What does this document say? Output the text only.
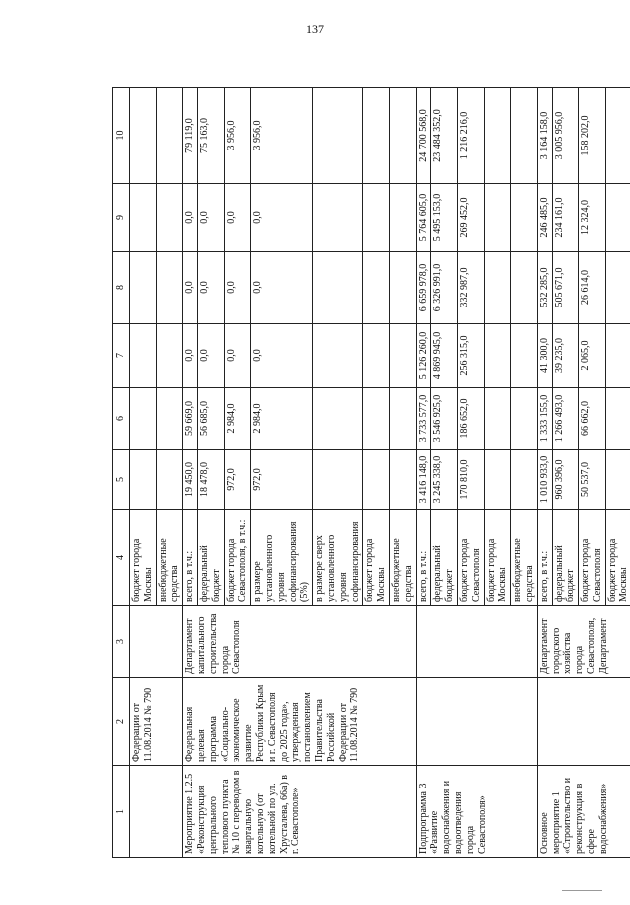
137
1	2	3	4	5	6	7	8	9	10
	Федерации от 11.08.2014 № 790		бюджет города Москвы						
			внебюджетные средства						
Мероприятие 1.2.5 «Реконструкция центрального теплового пункта № 10 с переводом в квартальную котельную (от котельной по ул. Хрусталева, 66а) в г. Севастополе»	Федеральная целевая программа «Социально-экономическое развитие Республики Крым и г. Севастополя до 2025 года», утвержденная постановлением Правительства Российской Федерации от 11.08.2014 № 790	Департамент капитального строительства города Севастополя	всего, в т.ч.:	19 450,0	59 669,0	0,0	0,0	0,0	79 119,0
			федеральный бюджет	18 478,0	56 685,0	0,0	0,0	0,0	75 163,0
			бюджет города Севастополя, в т.ч.:	972,0	2 984,0	0,0	0,0	0,0	3 956,0
			в размере установленного уровня софинансирования (5%)	972,0	2 984,0	0,0	0,0	0,0	3 956,0
			в размере сверх установленного уровня софинансирования						
			бюджет города Москвы						
			внебюджетные средства						
Подпрограмма 3 «Развитие водоснабжения и водоотведения города Севастополя»			всего, в т.ч.:	3 416 148,0	3 733 577,0	5 126 260,0	6 659 978,0	5 764 605,0	24 700 568,0
			федеральный бюджет	3 245 338,0	3 546 925,0	4 869 945,0	6 326 991,0	5 495 153,0	23 484 352,0
			бюджет города Севастополя	170 810,0	186 652,0	256 315,0	332 987,0	269 452,0	1 216 216,0
			бюджет города Москвы						
			внебюджетные средства						
Основное мероприятие 1 «Строительство и реконструкция в сфере водоснабжения»		Департамент городского хозяйства города Севастополя, Департамент	всего, в т.ч.:	1 010 933,0	1 333 155,0	41 300,0	532 285,0	246 485,0	3 164 158,0
			федеральный бюджет	960 396,0	1 266 493,0	39 235,0	505 671,0	234 161,0	3 005 956,0
			бюджет города Севастополя	50 537,0	66 662,0	2 065,0	26 614,0	12 324,0	158 202,0
			бюджет города Москвы						
